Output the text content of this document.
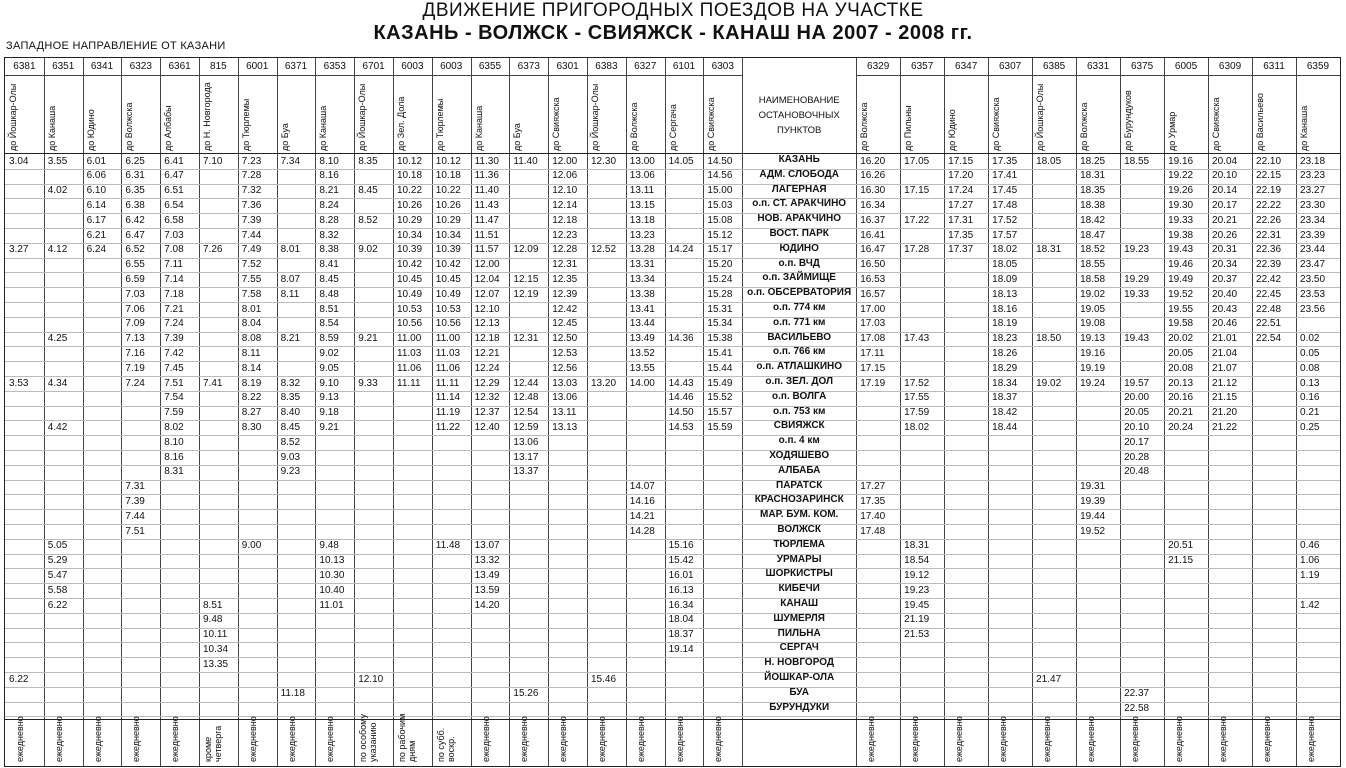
ДВИЖЕНИЕ ПРИГОРОДНЫХ ПОЕЗДОВ НА УЧАСТКЕ
КАЗАНЬ - ВОЛЖСК - СВИЯЖСК - КАНАШ НА 2007 - 2008 гг.
ЗАПАДНОЕ НАПРАВЛЕНИЕ ОТ КАЗАНИ
НАИМЕНОВАНИЕ
ОСТАНОВОЧНЫХ
ПУНКТОВ
КАЗАНЬ
АДМ. СЛОБОДА
ЛАГЕРНАЯ
о.п. СТ. АРАКЧИНО
НОВ. АРАКЧИНО
ВОСТ. ПАРК
ЮДИНО
о.п. ВЧД
о.п. ЗАЙМИЩЕ
о.п. ОБСЕРВАТОРИЯ
о.п. 774 км
о.п. 771 км
ВАСИЛЬЕВО
о.п. 766 км
о.п. АТЛАШКИНО
о.п. ЗЕЛ. ДОЛ
о.п. ВОЛГА
о.п. 753 км
СВИЯЖСК
о.п. 4 км
ХОДЯШЕВО
АЛБАБА
ПАРАТСК
КРАСНОЗАРИНСК
МАР. БУМ. КОМ.
ВОЛЖСК
ТЮРЛЕМА
УРМАРЫ
ШОРКИСТРЫ
КИБЕЧИ
КАНАШ
ШУМЕРЛЯ
ПИЛЬНА
СЕРГАЧ
Н. НОВГОРОД
ЙОШКАР-ОЛА
БУА
БУРУНДУКИ
6381
до Йошкар-Олы
ежедневно
3.04
3.27
3.53
6.22
6351
до Канаша
ежедневно
3.55
4.02
4.12
4.25
4.34
4.42
5.05
5.29
5.47
5.58
6.22
6341
до Юдино
ежедневно
6.01
6.06
6.10
6.14
6.17
6.21
6.24
6323
до Волжска
ежедневно
6.25
6.31
6.35
6.38
6.42
6.47
6.52
6.55
6.59
7.03
7.06
7.09
7.13
7.16
7.19
7.24
7.31
7.39
7.44
7.51
6361
до Албабы
ежедневно
6.41
6.47
6.51
6.54
6.58
7.03
7.08
7.11
7.14
7.18
7.21
7.24
7.39
7.42
7.45
7.51
7.54
7.59
8.02
8.10
8.16
8.31
815
до Н. Новгорода
кроме
четверга
7.10
7.26
7.41
8.51
9.48
10.11
10.34
13.35
6001
до Тюрлемы
ежедневно
7.23
7.28
7.32
7.36
7.39
7.44
7.49
7.52
7.55
7.58
8.01
8.04
8.08
8.11
8.14
8.19
8.22
8.27
8.30
9.00
6371
до Буа
ежедневно
7.34
8.01
8.07
8.11
8.21
8.32
8.35
8.40
8.45
8.52
9.03
9.23
11.18
6353
до Канаша
ежедневно
8.10
8.16
8.21
8.24
8.28
8.32
8.38
8.41
8.45
8.48
8.51
8.54
8.59
9.02
9.05
9.10
9.13
9.18
9.21
9.48
10.13
10.30
10.40
11.01
6701
до Йошкар-Олы
по особому
указанию
8.35
8.45
8.52
9.02
9.21
9.33
12.10
6003
до Зел. Дола
по рабочим
дням
10.12
10.18
10.22
10.26
10.29
10.34
10.39
10.42
10.45
10.49
10.53
10.56
11.00
11.03
11.06
11.11
6003
до Тюрлемы
по субб.
воскр.
10.12
10.18
10.22
10.26
10.29
10.34
10.39
10.42
10.45
10.49
10.53
10.56
11.00
11.03
11.06
11.11
11.14
11.19
11.22
11.48
6355
до Канаша
ежедневно
11.30
11.36
11.40
11.43
11.47
11.51
11.57
12.00
12.04
12.07
12.10
12.13
12.18
12.21
12.24
12.29
12.32
12.37
12.40
13.07
13.32
13.49
13.59
14.20
6373
до Буа
ежедневно
11.40
12.09
12.15
12.19
12.31
12.44
12.48
12.54
12.59
13.06
13.17
13.37
15.26
6301
до Свияжска
ежедневно
12.00
12.06
12.10
12.14
12.18
12.23
12.28
12.31
12.35
12.39
12.42
12.45
12.50
12.53
12.56
13.03
13.06
13.11
13.13
6383
до Йошкар-Олы
ежедневно
12.30
12.52
13.20
15.46
6327
до Волжска
ежедневно
13.00
13.06
13.11
13.15
13.18
13.23
13.28
13.31
13.34
13.38
13.41
13.44
13.49
13.52
13.55
14.00
14.07
14.16
14.21
14.28
6101
до Сергача
ежедневно
14.05
14.24
14.36
14.43
14.46
14.50
14.53
15.16
15.42
16.01
16.13
16.34
18.04
18.37
19.14
6303
до Свияжска
ежедневно
14.50
14.56
15.00
15.03
15.08
15.12
15.17
15.20
15.24
15.28
15.31
15.34
15.38
15.41
15.44
15.49
15.52
15.57
15.59
6329
до Волжска
ежедневно
16.20
16.26
16.30
16.34
16.37
16.41
16.47
16.50
16.53
16.57
17.00
17.03
17.08
17.11
17.15
17.19
17.27
17.35
17.40
17.48
6357
до Пильны
ежедневно
17.05
17.15
17.22
17.28
17.43
17.52
17.55
17.59
18.02
18.31
18.54
19.12
19.23
19.45
21.19
21.53
6347
до Юдино
ежедневно
17.15
17.20
17.24
17.27
17.31
17.35
17.37
6307
до Свияжска
ежедневно
17.35
17.41
17.45
17.48
17.52
17.57
18.02
18.05
18.09
18.13
18.16
18.19
18.23
18.26
18.29
18.34
18.37
18.42
18.44
6385
до Йошкар-Олы
ежедневно
18.05
18.31
18.50
19.02
21.47
6331
до Волжска
ежедневно
18.25
18.31
18.35
18.38
18.42
18.47
18.52
18.55
18.58
19.02
19.05
19.08
19.13
19.16
19.19
19.24
19.31
19.39
19.44
19.52
6375
до Бурундуков
ежедневно
18.55
19.23
19.29
19.33
19.43
19.57
20.00
20.05
20.10
20.17
20.28
20.48
22.37
22.58
6005
до Урмар
ежедневно
19.16
19.22
19.26
19.30
19.33
19.38
19.43
19.46
19.49
19.52
19.55
19.58
20.02
20.05
20.08
20.13
20.16
20.21
20.24
20.51
21.15
6309
до Свияжска
ежедневно
20.04
20.10
20.14
20.17
20.21
20.26
20.31
20.34
20.37
20.40
20.43
20.46
21.01
21.04
21.07
21.12
21.15
21.20
21.22
6311
до Васильево
ежедневно
22.10
22.15
22.19
22.22
22.26
22.31
22.36
22.39
22.42
22.45
22.48
22.51
22.54
6359
до Канаша
ежедневно
23.18
23.23
23.27
23.30
23.34
23.39
23.44
23.47
23.50
23.53
23.56
0.02
0.05
0.08
0.13
0.16
0.21
0.25
0.46
1.06
1.19
1.42
